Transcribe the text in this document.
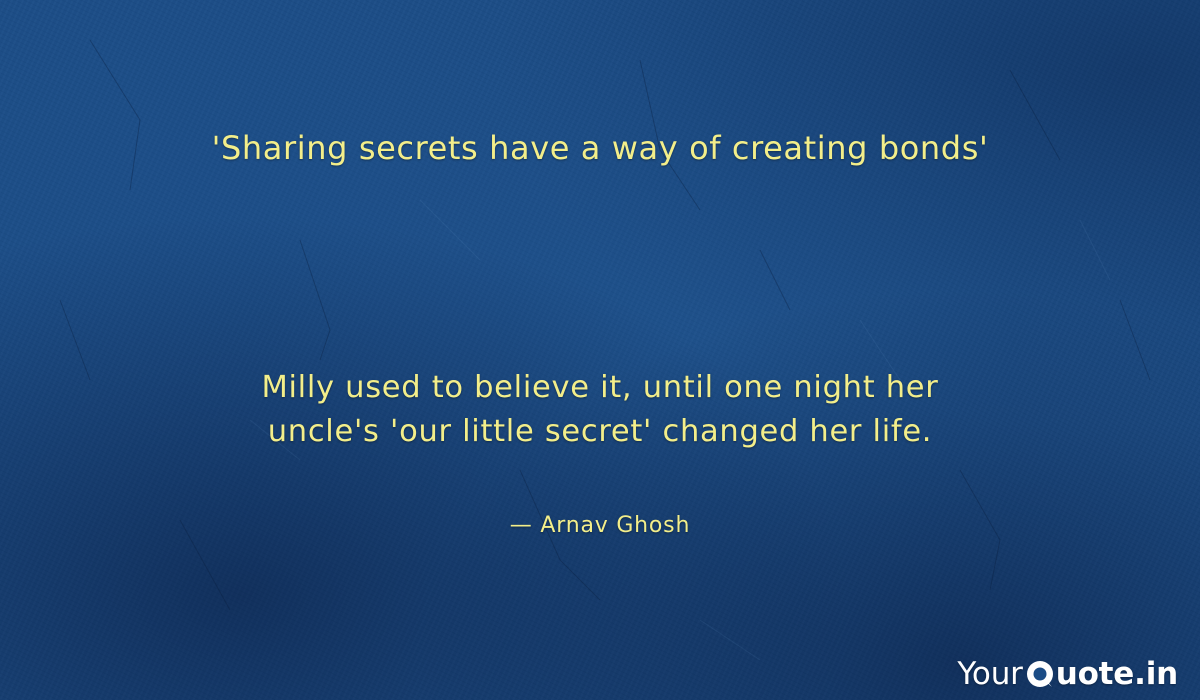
'Sharing secrets have a way of creating bonds'

Milly used to believe it, until one night her
uncle's 'our little secret' changed her life.

— Arnav Ghosh

Your uote.in
